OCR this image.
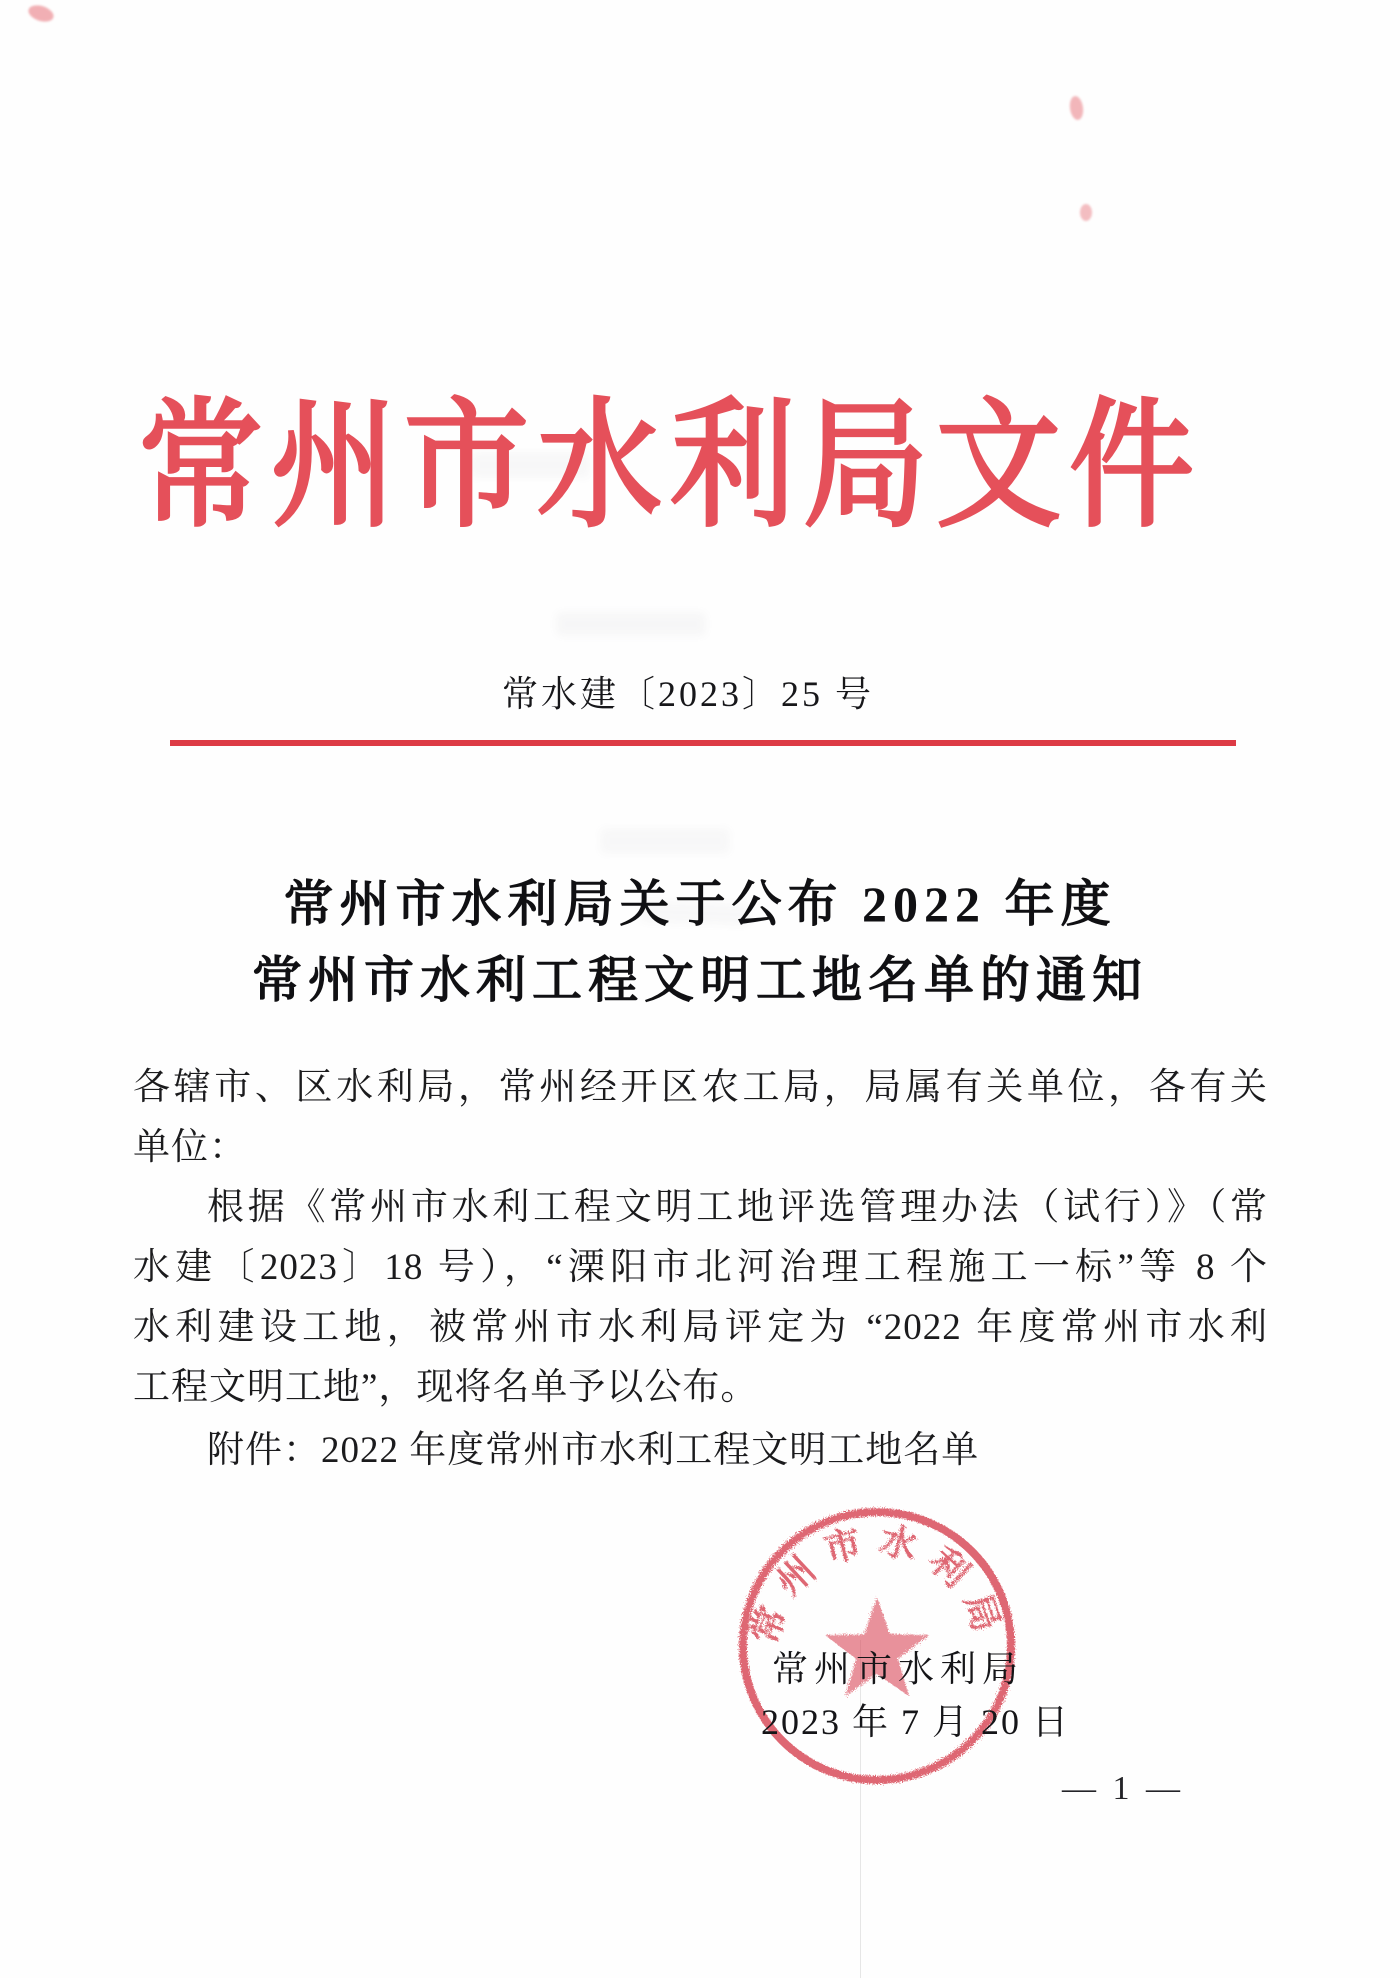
常州市水利局文件
常水建〔2023〕25 号
常州市水利局关于公布 2022 年度
常州市水利工程文明工地名单的通知
各辖市、区水利局，常州经开区农工局，局属有关单位，各有关
单位：
根据《常州市水利工程文明工地评选管理办法（试行）》（常
水建〔2023〕18 号），“溧阳市北河治理工程施工一标”等 8 个
水利建设工地，被常州市水利局评定为 “2022 年度常州市水利
工程文明工地”，现将名单予以公布。
附件：2022 年度常州市水利工程文明工地名单
常州市水利局
常州市水利局
2023 年 7 月 20 日
— 1 —
